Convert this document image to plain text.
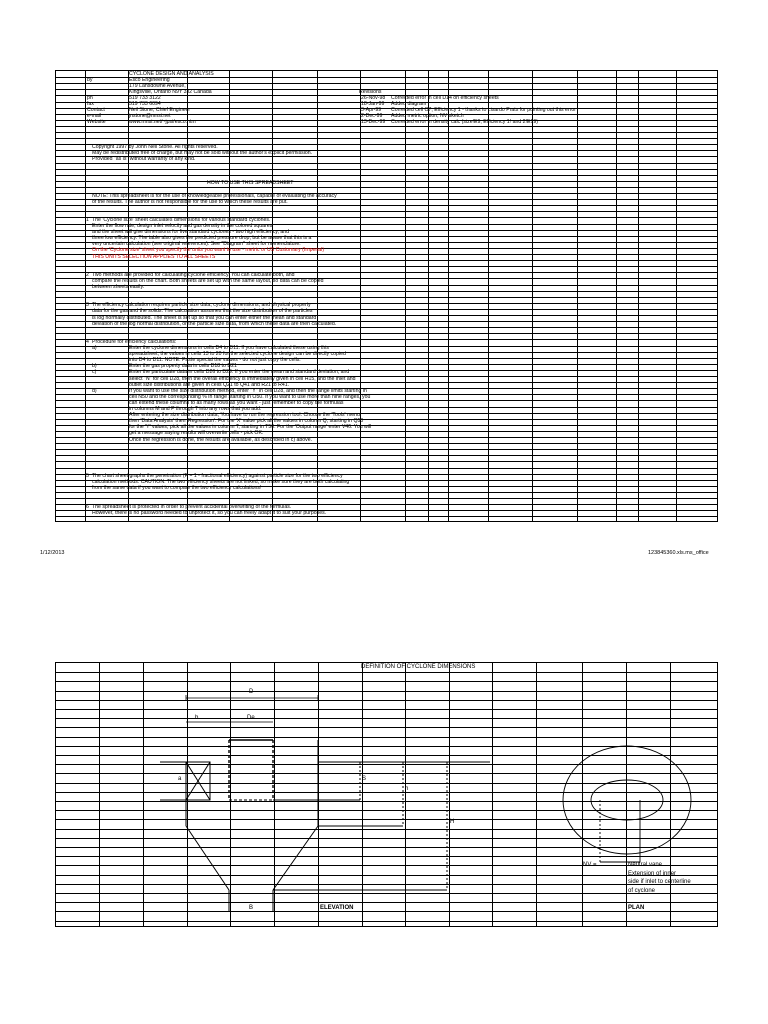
1/12/2013	123845360.xls.ms_office
DEFINITION OF CYCLONE DIMENSIONS
D
b	De
a	S
h
H
B	ELEVATION	PLAN
NV =	Neutral vane
Extension of inner
side if inlet to centerline
of cyclone
CYCLONE DESIGN AND ANALYSIS
by	Esco Engineering
179 Lansdowne Avenue,
Kingsville, Ontario N9Y 3J2 Canada
ph	519 733 3122
fax	519 733 6094
Contact	Neil Stone, Chief Engineer
e-mail	jnstone@mnsi.net
Website	www.mnsi.net/~jpsi/esco.htm
Revisions
26-Nov-98 Corrected error in cell D14 on efficiency sheets
18-Jan-99 Added diagram
3-Apr-99 Corrected cell O7, Efficiency 1 - thanks to Lisardo Prats for pointing out this error
2-Dec-99 Added metric option, NV sketch
13-Dec-99 Corrected error in density calc (size!E9, Efficiency 1! and 2!E19)
Copyright 1997 by John Neil Stone. All rights reserved.
May be redistributed free of charge, but may not be sold without the author's explicit permission.
Provided "as is" without warranty of any kind.
HOW TO USE THIS SPREADSHEET
NOTE: This spreadsheet is for the use of knowledgeable professionals, capable of evaluating the accuracy
of the results. The author is not responsible for the use to which these results are put.
1 The 'Cyclone size' sheet calculates dimensions for various standard cyclones.
Enter the flow rate, design inlet velocity and gas density in the colored squares
and the sheet will give dimensions for five standard cyclones - two high efficiency, and
three low efficiency. The table also gives the predicted pressure drop, but be aware that this is a
very uncertain calculation (see original references). See "Diagram" sheet for nomenclature.
On the 'Cyclone size' sheet you specify the units you want to use - metric or US Customary (Imperial)
THIS UNITS SELECTION APPLIES TO ALL SHEETS
2 Two methods are provided for calculating cyclone efficiency. You can calculate both, and
compare the results on the chart. Both sheets are set up with the same layout, so data can be copied
between sheets easily.
3 The efficiency calculation requires particle size data, cyclone dimensions, and physical property
data for the gas and the solids. The calculation assumes that the size distribution of the particles
is log normally distributed. The sheet is set up so that you can enter either the mean and standard
deviation of the log normal distribution, or the particle size data, from which these data are then calculated.
4 Procedure for efficiency calculations:
a)	Enter the cyclone dimensions in cells D4 to D11. If you have calculated these using this
spreadsheet, the values in cells 13 to 20 for the selected cyclone design can be directly copied
into D4 to D11. NOTE: Paste special the values - do not just copy the cells.
b)	Enter the gas property data in cells D18 to D21
c)	Enter the particulate data in cells D26 to D29. If you enter the mean and standard deviation, and
select "N" for cell D28, then the overall efficiency is immediately given in cell H15, and the inlet and
outlet size distributions are given in cells Q21 to Q41 and R21 to R41.
d)	If you want to use the size distribution method, enter "Y" in cell D28, and then the range limits starting in
cell N50 and the corresponding % in range starting in O50. If you want to use more than nine ranges, you
can extend these columns to as many rows as you want - just remember to copy the formulas
in columns M and P through T into any rows that you add.
After entering the size distribution data, You have to run the regression tool. Choose the 'Tools' menu
then 'Data Analysis' then 'Regression'. For the 'X' value pick all the values in column Q, starting in Q50
for the 'Y' values, pick all the values in column T, starting in T50. For the 'Output range' enter V46. You will
get a message saying results will overwrite cells - pick OK.
Once the regression is done, the results are available, as described in c) above.
5 The chart sheet graphs the penetration (P = 1 - fractional efficiency) against particle size for the two efficiency
calculation methods. CAUTION: The two efficiency sheets are not linked, so make sure they are both calculating
from the same data if you want to compare the two efficiency calculations!
6 The spreadsheet is protected in order to prevent accidental overwriting of the formulas.
However, there is no password needed to unprotect it, so you can freely adapt it to suit your purposes.
